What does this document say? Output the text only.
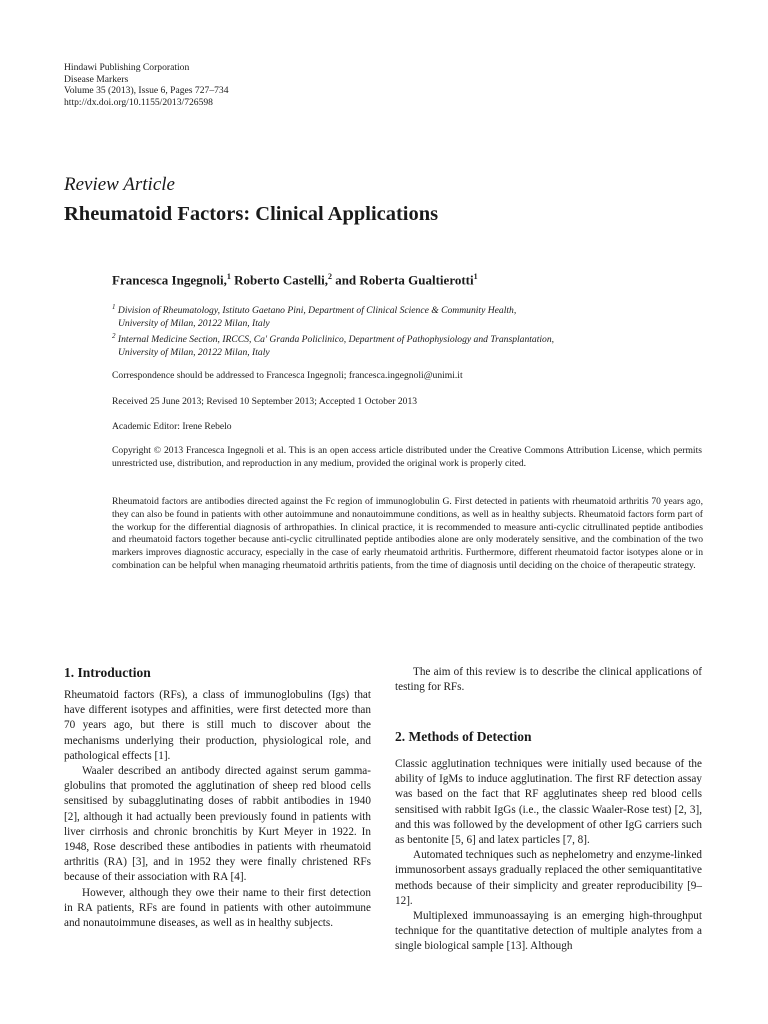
Hindawi Publishing Corporation
Disease Markers
Volume 35 (2013), Issue 6, Pages 727–734
http://dx.doi.org/10.1155/2013/726598
Review Article
Rheumatoid Factors: Clinical Applications
Francesca Ingegnoli,$^1$ Roberto Castelli,$^2$ and Roberta Gualtierotti$^1$
$^1$ Division of Rheumatology, Istituto Gaetano Pini, Department of Clinical Science & Community Health,
University of Milan, 20122 Milan, Italy
$^2$ Internal Medicine Section, IRCCS, Ca' Granda Policlinico, Department of Pathophysiology and Transplantation,
University of Milan, 20122 Milan, Italy
Correspondence should be addressed to Francesca Ingegnoli; francesca.ingegnoli@unimi.it
Received 25 June 2013; Revised 10 September 2013; Accepted 1 October 2013
Academic Editor: Irene Rebelo
Copyright © 2013 Francesca Ingegnoli et al. This is an open access article distributed under the Creative Commons Attribution License, which permits unrestricted use, distribution, and reproduction in any medium, provided the original work is properly cited.
Rheumatoid factors are antibodies directed against the Fc region of immunoglobulin G. First detected in patients with rheumatoid arthritis 70 years ago, they can also be found in patients with other autoimmune and nonautoimmune conditions, as well as in healthy subjects. Rheumatoid factors form part of the workup for the differential diagnosis of arthropathies. In clinical practice, it is recommended to measure anti-cyclic citrullinated peptide antibodies and rheumatoid factors together because anti-cyclic citrullinated peptide antibodies alone are only moderately sensitive, and the combination of the two markers improves diagnostic accuracy, especially in the case of early rheumatoid arthritis. Furthermore, different rheumatoid factor isotypes alone or in combination can be helpful when managing rheumatoid arthritis patients, from the time of diagnosis until deciding on the choice of therapeutic strategy.
1. Introduction

Rheumatoid factors (RFs), a class of immunoglobulins (Igs) that have different isotypes and affinities, were first detected more than 70 years ago, but there is still much to discover about the mechanisms underlying their production, physiological role, and pathological effects [1].

Waaler described an antibody directed against serum gamma-globulins that promoted the agglutination of sheep red blood cells sensitised by subagglutinating doses of rabbit antibodies in 1940 [2], although it had actually been previously found in patients with liver cirrhosis and chronic bronchitis by Kurt Meyer in 1922. In 1948, Rose described these antibodies in patients with rheumatoid arthritis (RA) [3], and in 1952 they were finally christened RFs because of their association with RA [4].

However, although they owe their name to their first detection in RA patients, RFs are found in patients with other autoimmune and nonautoimmune diseases, as well as in healthy subjects.

The aim of this review is to describe the clinical applications of testing for RFs.

2. Methods of Detection

Classic agglutination techniques were initially used because of the ability of IgMs to induce agglutination. The first RF detection assay was based on the fact that RF agglutinates sheep red blood cells sensitised with rabbit IgGs (i.e., the classic Waaler-Rose test) [2, 3], and this was followed by the development of other IgG carriers such as bentonite [5, 6] and latex particles [7, 8].

Automated techniques such as nephelometry and enzyme-linked immunosorbent assays gradually replaced the other semiquantitative methods because of their simplicity and greater reproducibility [9–12].

Multiplexed immunoassaying is an emerging high-throughput technique for the quantitative detection of multiple analytes from a single biological sample [13]. Although
